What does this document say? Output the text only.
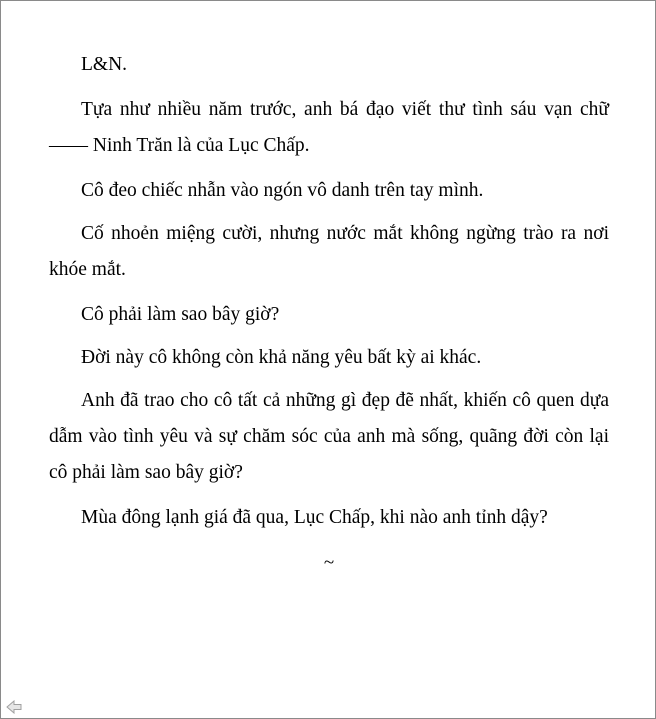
L&N.

Tựa như nhiều năm trước, anh bá đạo viết thư tình sáu vạn chữ —— Ninh Trăn là của Lục Chấp.

Cô đeo chiếc nhẫn vào ngón vô danh trên tay mình.

Cố nhoẻn miệng cười, nhưng nước mắt không ngừng trào ra nơi khóe mắt.

Cô phải làm sao bây giờ?

Đời này cô không còn khả năng yêu bất kỳ ai khác.

Anh đã trao cho cô tất cả những gì đẹp đẽ nhất, khiến cô quen dựa dẫm vào tình yêu và sự chăm sóc của anh mà sống, quãng đời còn lại cô phải làm sao bây giờ?

Mùa đông lạnh giá đã qua, Lục Chấp, khi nào anh tỉnh dậy?

~
